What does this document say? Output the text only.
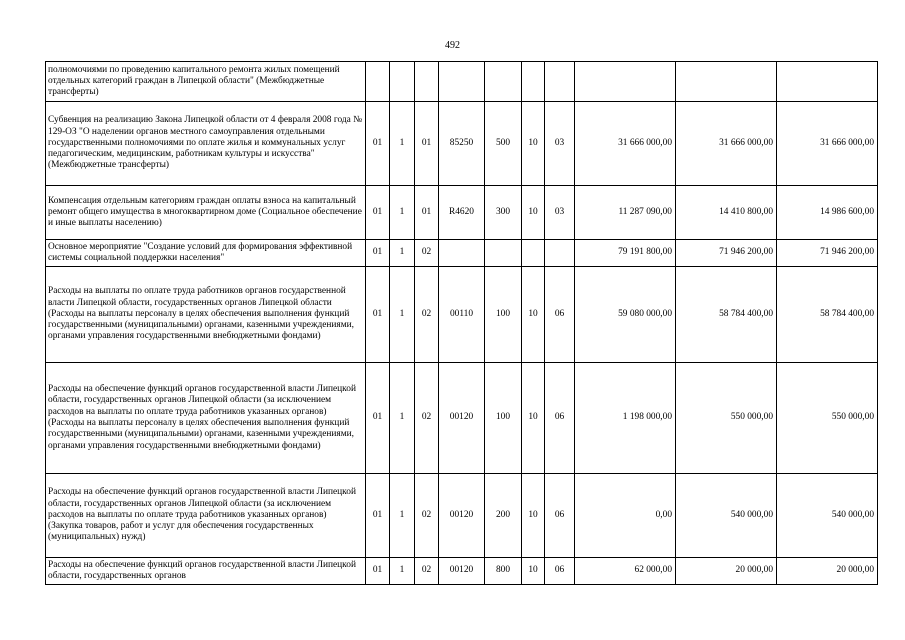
492
полномочиями по проведению капитального ремонта жилых помещений отдельных категорий граждан в Липецкой области" (Межбюджетные трансферты)										
Субвенция на реализацию Закона Липецкой области от 4 февраля 2008 года № 129-ОЗ "О наделении органов местного самоуправления отдельными государственными полномочиями по оплате жилья и коммунальных услуг педагогическим, медицинским, работникам культуры и искусства" (Межбюджетные трансферты)	01	1	01	85250	500	10	03	31 666 000,00	31 666 000,00	31 666 000,00
Компенсация отдельным категориям граждан оплаты взноса на капитальный ремонт общего имущества в многоквартирном доме (Социальное обеспечение и иные выплаты населению)	01	1	01	R4620	300	10	03	11 287 090,00	14 410 800,00	14 986 600,00
Основное мероприятие "Создание условий для формирования эффективной системы социальной поддержки населения"	01	1	02					79 191 800,00	71 946 200,00	71 946 200,00
Расходы на выплаты по оплате труда работников органов государственной власти Липецкой области, государственных органов Липецкой области (Расходы на выплаты персоналу в целях обеспечения выполнения функций государственными (муниципальными) органами, казенными учреждениями, органами управления государственными внебюджетными фондами)	01	1	02	00110	100	10	06	59 080 000,00	58 784 400,00	58 784 400,00
Расходы на обеспечение функций органов государственной власти Липецкой области, государственных органов Липецкой области (за исключением расходов на выплаты по оплате труда работников указанных органов) (Расходы на выплаты персоналу в целях обеспечения выполнения функций государственными (муниципальными) органами, казенными учреждениями, органами управления государственными внебюджетными фондами)	01	1	02	00120	100	10	06	1 198 000,00	550 000,00	550 000,00
Расходы на обеспечение функций органов государственной власти Липецкой области, государственных органов Липецкой области (за исключением расходов на выплаты по оплате труда работников указанных органов) (Закупка товаров, работ и услуг для обеспечения государственных (муниципальных) нужд)	01	1	02	00120	200	10	06	0,00	540 000,00	540 000,00
Расходы на обеспечение функций органов государственной власти Липецкой области, государственных органов	01	1	02	00120	800	10	06	62 000,00	20 000,00	20 000,00
